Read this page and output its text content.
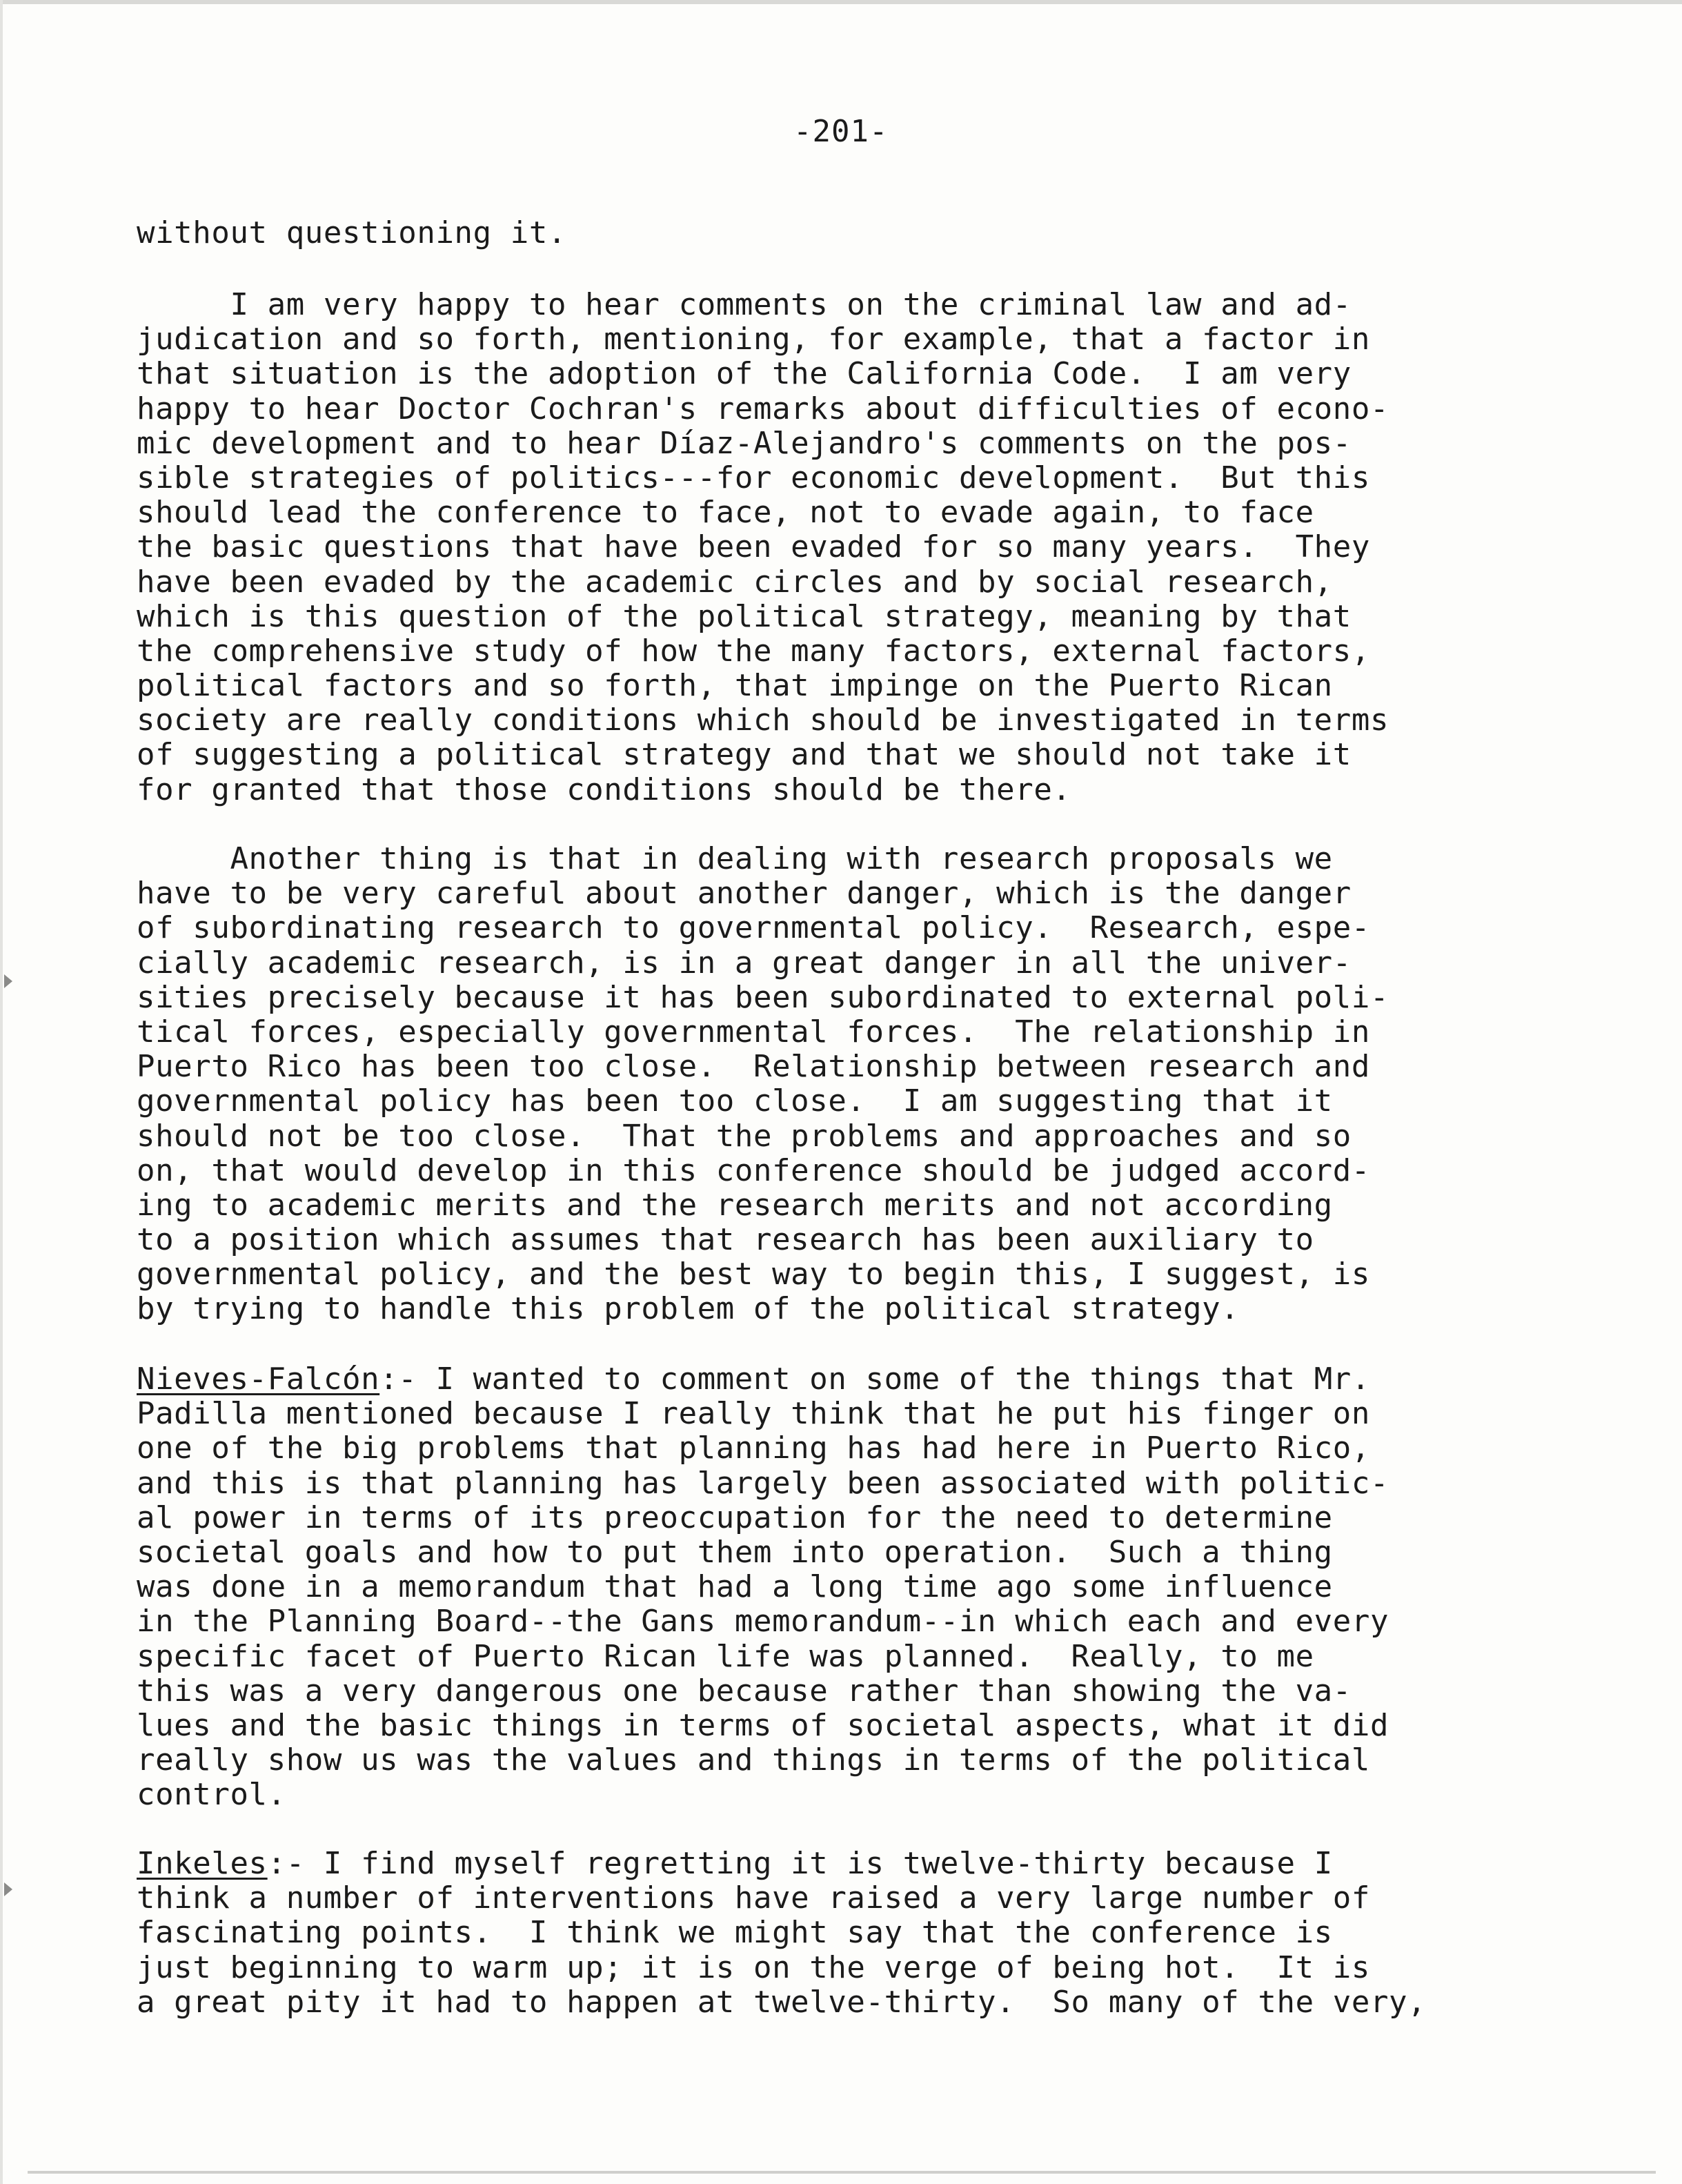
-201-
without questioning it.
I am very happy to hear comments on the criminal law and ad-
judication and so forth, mentioning, for example, that a factor in
that situation is the adoption of the California Code.  I am very
happy to hear Doctor Cochran's remarks about difficulties of econo-
mic development and to hear Díaz-Alejandro's comments on the pos-
sible strategies of politics---for economic development.  But this
should lead the conference to face, not to evade again, to face
the basic questions that have been evaded for so many years.  They
have been evaded by the academic circles and by social research,
which is this question of the political strategy, meaning by that
the comprehensive study of how the many factors, external factors,
political factors and so forth, that impinge on the Puerto Rican
society are really conditions which should be investigated in terms
of suggesting a political strategy and that we should not take it
for granted that those conditions should be there.
Another thing is that in dealing with research proposals we
have to be very careful about another danger, which is the danger
of subordinating research to governmental policy.  Research, espe-
cially academic research, is in a great danger in all the univer-
sities precisely because it has been subordinated to external poli-
tical forces, especially governmental forces.  The relationship in
Puerto Rico has been too close.  Relationship between research and
governmental policy has been too close.  I am suggesting that it
should not be too close.  That the problems and approaches and so
on, that would develop in this conference should be judged accord-
ing to academic merits and the research merits and not according
to a position which assumes that research has been auxiliary to
governmental policy, and the best way to begin this, I suggest, is
by trying to handle this problem of the political strategy.
Nieves-Falcón:- I wanted to comment on some of the things that Mr.
Padilla mentioned because I really think that he put his finger on
one of the big problems that planning has had here in Puerto Rico,
and this is that planning has largely been associated with politic-
al power in terms of its preoccupation for the need to determine
societal goals and how to put them into operation.  Such a thing
was done in a memorandum that had a long time ago some influence
in the Planning Board--the Gans memorandum--in which each and every
specific facet of Puerto Rican life was planned.  Really, to me
this was a very dangerous one because rather than showing the va-
lues and the basic things in terms of societal aspects, what it did
really show us was the values and things in terms of the political
control.
Inkeles:- I find myself regretting it is twelve-thirty because I
think a number of interventions have raised a very large number of
fascinating points.  I think we might say that the conference is
just beginning to warm up; it is on the verge of being hot.  It is
a great pity it had to happen at twelve-thirty.  So many of the very,
